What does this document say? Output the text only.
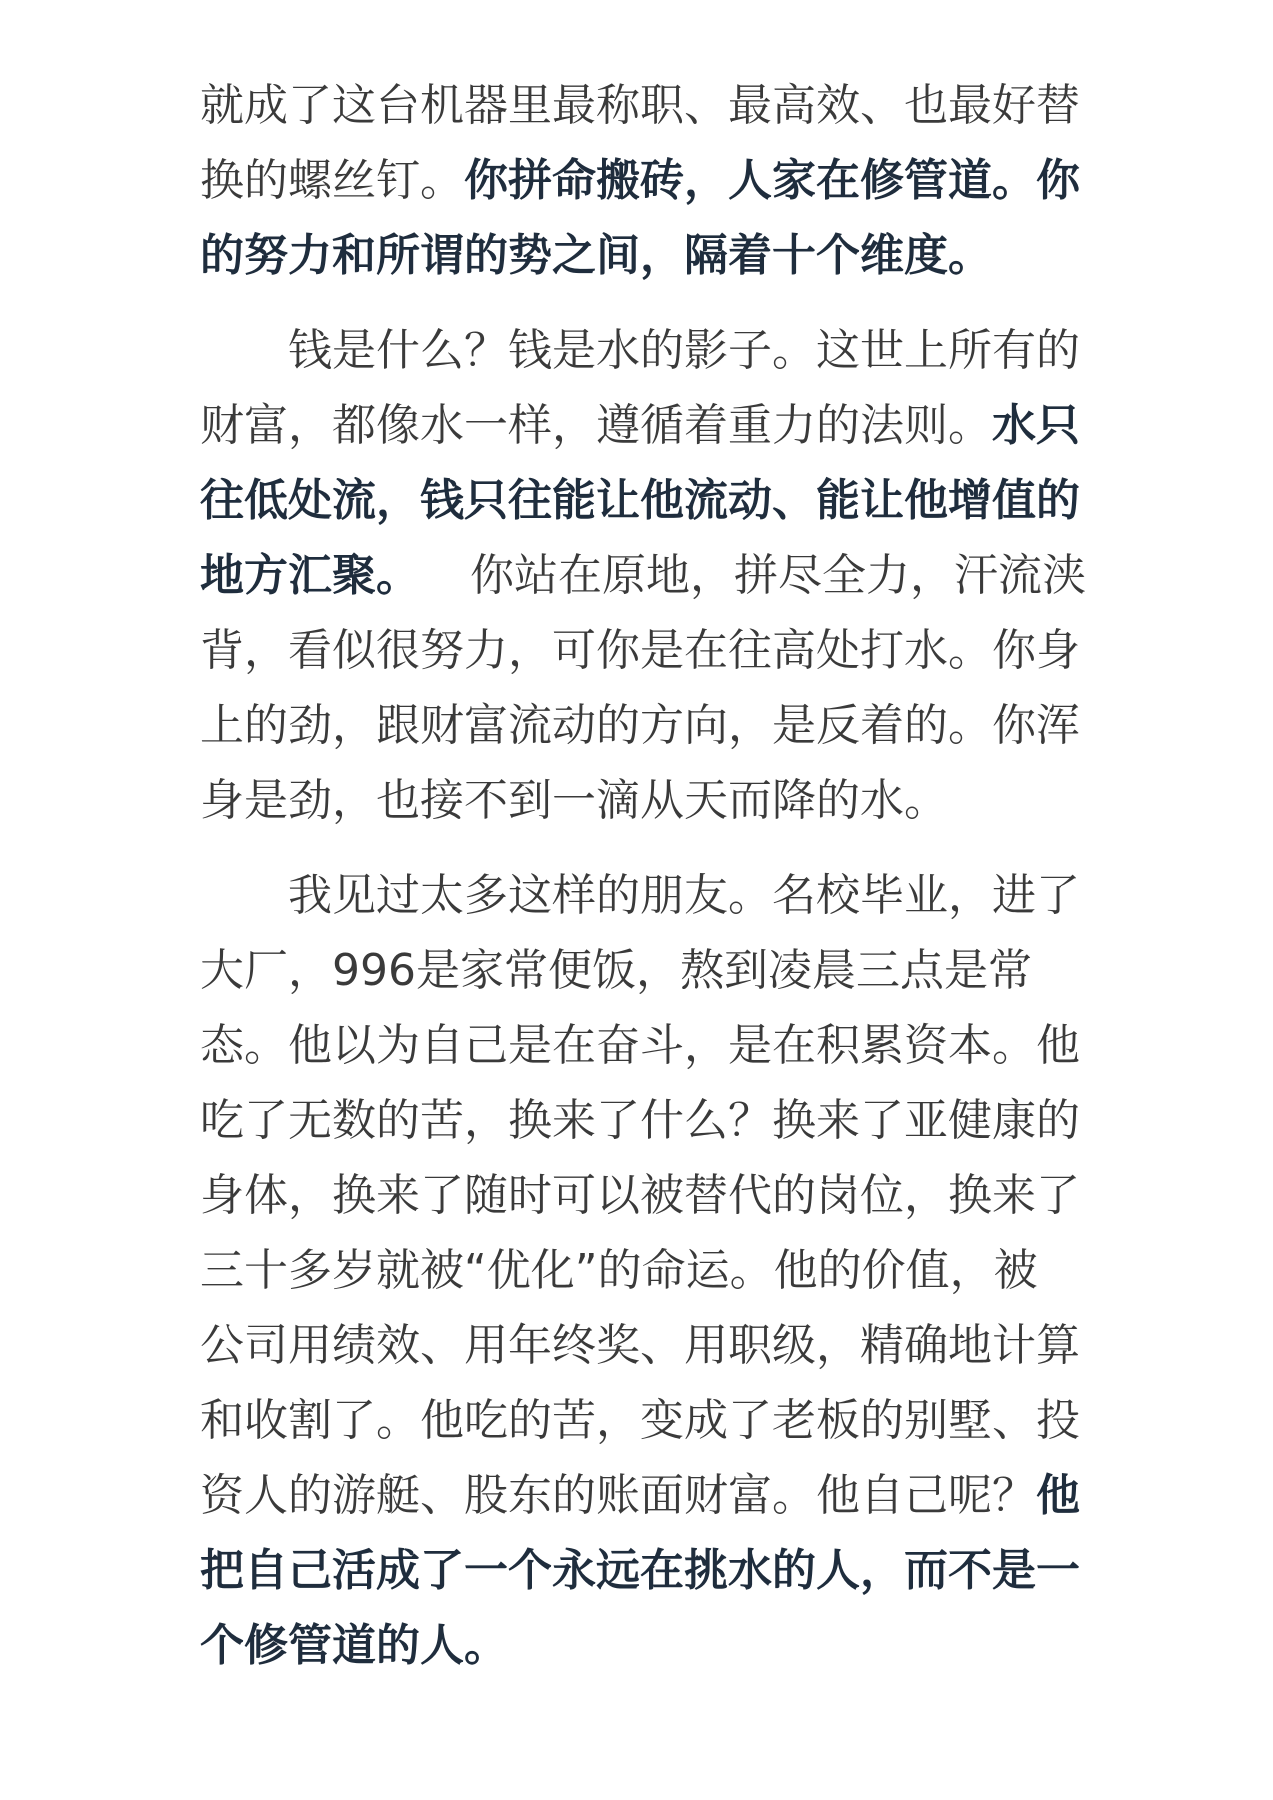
就成了这台机器里最称职、最高效、也最好替
换的螺丝钉。你拼命搬砖，人家在修管道。你
的努力和所谓的势之间，隔着十个维度。

钱是什么？钱是水的影子。这世上所有的
财富，都像水一样，遵循着重力的法则。水只
往低处流，钱只往能让他流动、能让他增值的
地方汇聚。 你站在原地，拼尽全力，汗流浃
背，看似很努力，可你是在往高处打水。你身
上的劲，跟财富流动的方向，是反着的。你浑
身是劲，也接不到一滴从天而降的水。

我见过太多这样的朋友。名校毕业，进了
大厂，996是家常便饭，熬到凌晨三点是常
态。他以为自己是在奋斗，是在积累资本。他
吃了无数的苦，换来了什么？换来了亚健康的
身体，换来了随时可以被替代的岗位，换来了
三十多岁就被“优化”的命运。他的价值，被
公司用绩效、用年终奖、用职级，精确地计算
和收割了。他吃的苦，变成了老板的别墅、投
资人的游艇、股东的账面财富。他自己呢？他
把自己活成了一个永远在挑水的人，而不是一
个修管道的人。
